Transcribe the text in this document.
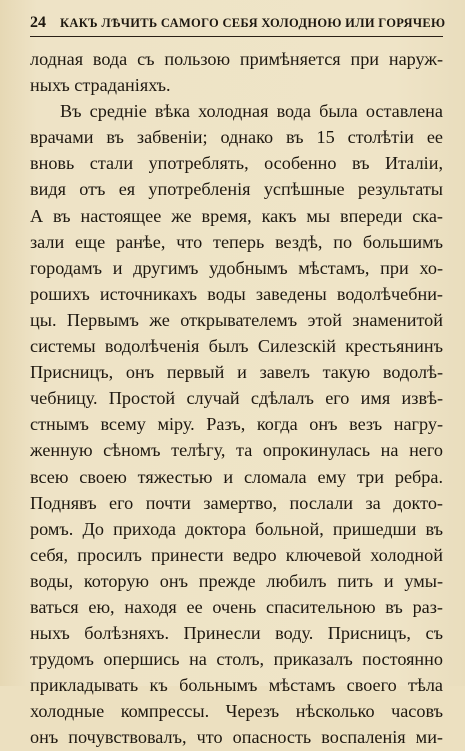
24 КАКЪ ЛѢЧИТЬ САМОГО СЕБЯ ХОЛОДНОЮ ИЛИ ГОРЯЧЕЮ
лодная вода съ пользою примѣняется при наруж-
ныхъ страданiяхъ.
Въ средніе вѣка холодная вода была оставлена
врачами въ забвенiи; однако въ 15 столѣтiи ее
вновь стали употреблять, особенно въ Италiи,
видя отъ ея употребленія успѣшные результаты
А въ настоящее же время, какъ мы впереди ска-
зали еще ранѣе, что теперь вездѣ, по большимъ
городамъ и другимъ удобнымъ мѣстамъ, при хо-
рошихъ источникахъ воды заведены водолѣчебни-
цы. Первымъ же открывателемъ этой знаменитой
системы водолѣченія былъ Силезскій крестьянинъ
Присницъ, онъ первый и завелъ такую водолѣ-
чебницу. Простой случай сдѣлалъ его имя извѣ-
стнымъ всему мiру. Разъ, когда онъ везъ нагру-
женную сѣномъ телѣгу, та опрокинулась на него
всею своею тяжестью и сломала ему три ребра.
Поднявъ его почти замертво, послали за докто-
ромъ. До прихода доктора больной, пришедши въ
себя, просилъ принести ведро ключевой холодной
воды, которую онъ прежде любилъ пить и умы-
ваться ею, находя ее очень спасительною въ раз-
ныхъ болѣзняхъ. Принесли воду. Присницъ, съ
трудомъ опершись на столъ, приказалъ постоянно
прикладывать къ больнымъ мѣстамъ своего тѣла
холодные компрессы. Черезъ нѣсколько часовъ
онъ почувствовалъ, что опасность воспаленія ми-
